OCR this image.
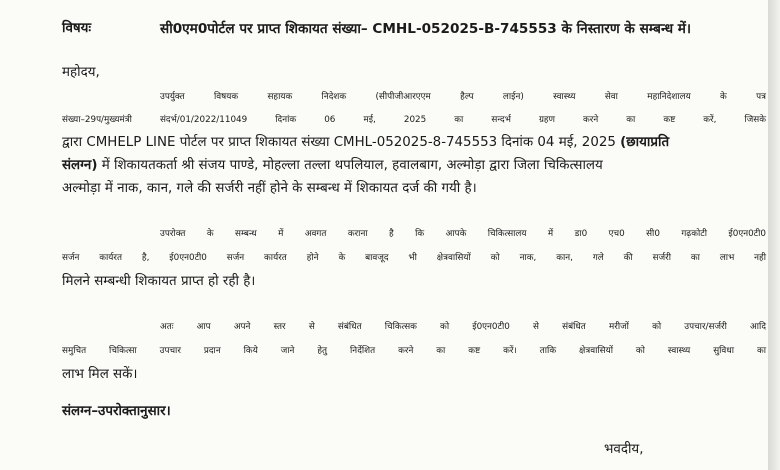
विषयः	सी0एम0पोर्टल पर प्राप्त शिकायत संख्या– CMHL-052025-B-745553 के निस्तारण के सम्बन्ध में।
महोदय,
उपर्युक्त विषयक सहायक निदेशक (सीपीजीआरएएम हैल्प लाईन) स्वास्थ्य सेवा महानिदेशालय के पत्र
संख्या–29प/मुख्यमंत्री संदर्भ/01/2022/11049 दिनांक 06 मई, 2025 का सन्दर्भ ग्रहण करने का कष्ट करें, जिसके
द्वारा CMHELP LINE पोर्टल पर प्राप्त शिकायत संख्या CMHL-052025-8-745553 दिनांक 04 मई, 2025 (छायाप्रति
संलग्न) में शिकायतकर्ता श्री संजय पाण्डे, मोहल्ला तल्ला थपलियाल, हवालबाग, अल्मोड़ा द्वारा जिला चिकित्सालय
अल्मोड़ा में नाक, कान, गले की सर्जरी नहीं होने के सम्बन्ध में शिकायत दर्ज की गयी है।
उपरोक्त के सम्बन्ध में अवगत कराना है कि आपके चिकित्सालय में डा0 एच0 सी0 गढ़कोटी ई0एन0टी0
सर्जन कार्यरत है, ई0एन0टी0 सर्जन कार्यरत होने के बावजूद भी क्षेत्रवासियों को नाक, कान, गले की सर्जरी का लाभ नही
मिलने सम्बन्धी शिकायत प्राप्त हो रही है।
अतः आप अपने स्तर से संबंधित चिकित्सक को ई0एन0टी0 से संबंधित मरीजों को उपचार/सर्जरी आदि
समुचित चिकित्सा उपचार प्रदान किये जाने हेतु निर्देशित करने का कष्ट करें। ताकि क्षेत्रवासियों को स्वास्थ्य सुविधा का
लाभ मिल सकें।
संलग्न–उपरोक्तानुसार।
भवदीय,
